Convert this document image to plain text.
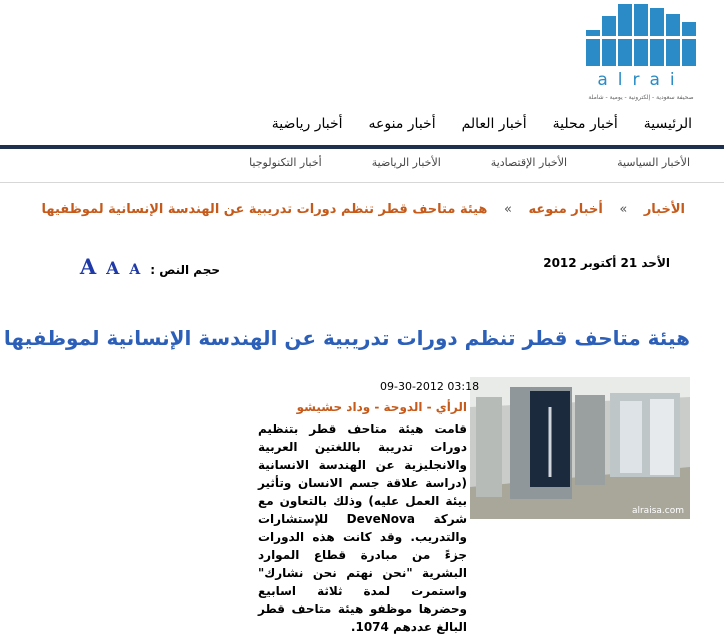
alrai
صحيفة سعودية - إلكترونية - يومية - شاملة
الرئيسية
أخبار محلية
أخبار العالم
أخبار منوعه
أخبار رياضية
الأخبار السياسية
الأخبار الإقتصادية
الأخبار الرياضية
أخبار التكنولوجيا
الأخبار » أخبار منوعه » هيئة متاحف قطر تنظم دورات تدريبية عن الهندسة الإنسانية لموظفيها
الأحد 21 أكتوبر 2012
حجم النص :
A
A
A
هيئة متاحف قطر تنظم دورات تدريبية عن الهندسة الإنسانية لموظفيها
alraisa.com
09-30-2012 03:18
الرأي - الدوحة - وداد حشيشو
قامت هيئة متاحف قطر بتنظيم دورات تدريبة باللغتين العربية والانجليزية عن الهندسة الانسانية (دراسة علاقة جسم الانسان وتأثير بيئة العمل عليه) وذلك بالتعاون مع شركة DeveNova للإستشارات والتدريب. وقد كانت هذه الدورات جزءً من مبادرة قطاع الموارد البشرية "نحن نهتم نحن نشارك" واستمرت لمدة ثلاثة اسابيع وحضرها موظفو هيئة متاحف قطر البالغ عددهم 1074.
